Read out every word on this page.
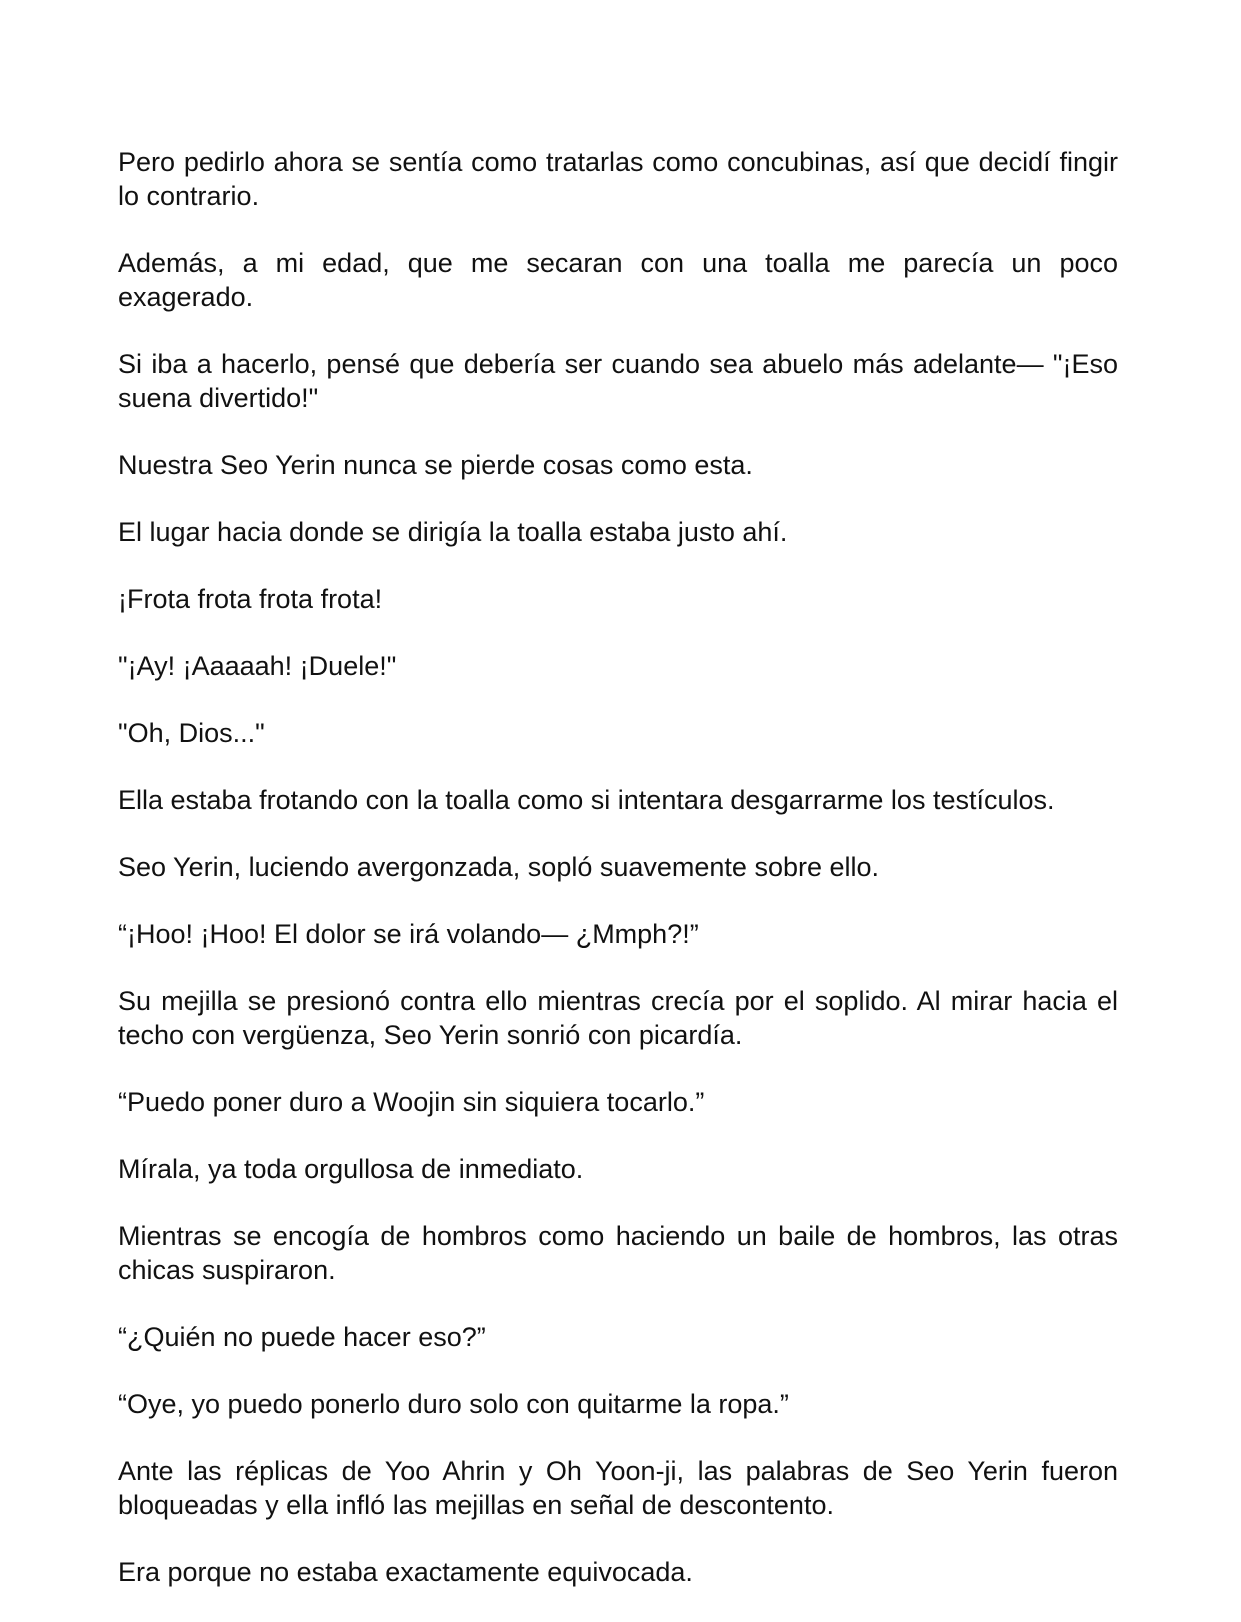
Pero pedirlo ahora se sentía como tratarlas como concubinas, así que decidí fingir lo contrario.

Además, a mi edad, que me secaran con una toalla me parecía un poco exagerado.

Si iba a hacerlo, pensé que debería ser cuando sea abuelo más adelante— "¡Eso suena divertido!"

Nuestra Seo Yerin nunca se pierde cosas como esta.

El lugar hacia donde se dirigía la toalla estaba justo ahí.

¡Frota frota frota frota!

"¡Ay! ¡Aaaaah! ¡Duele!"

"Oh, Dios..."

Ella estaba frotando con la toalla como si intentara desgarrarme los testículos.

Seo Yerin, luciendo avergonzada, sopló suavemente sobre ello.

“¡Hoo! ¡Hoo! El dolor se irá volando— ¿Mmph?!”

Su mejilla se presionó contra ello mientras crecía por el soplido. Al mirar hacia el techo con vergüenza, Seo Yerin sonrió con picardía.

“Puedo poner duro a Woojin sin siquiera tocarlo.”

Mírala, ya toda orgullosa de inmediato.

Mientras se encogía de hombros como haciendo un baile de hombros, las otras chicas suspiraron.

“¿Quién no puede hacer eso?”

“Oye, yo puedo ponerlo duro solo con quitarme la ropa.”

Ante las réplicas de Yoo Ahrin y Oh Yoon-ji, las palabras de Seo Yerin fueron bloqueadas y ella infló las mejillas en señal de descontento.

Era porque no estaba exactamente equivocada.
